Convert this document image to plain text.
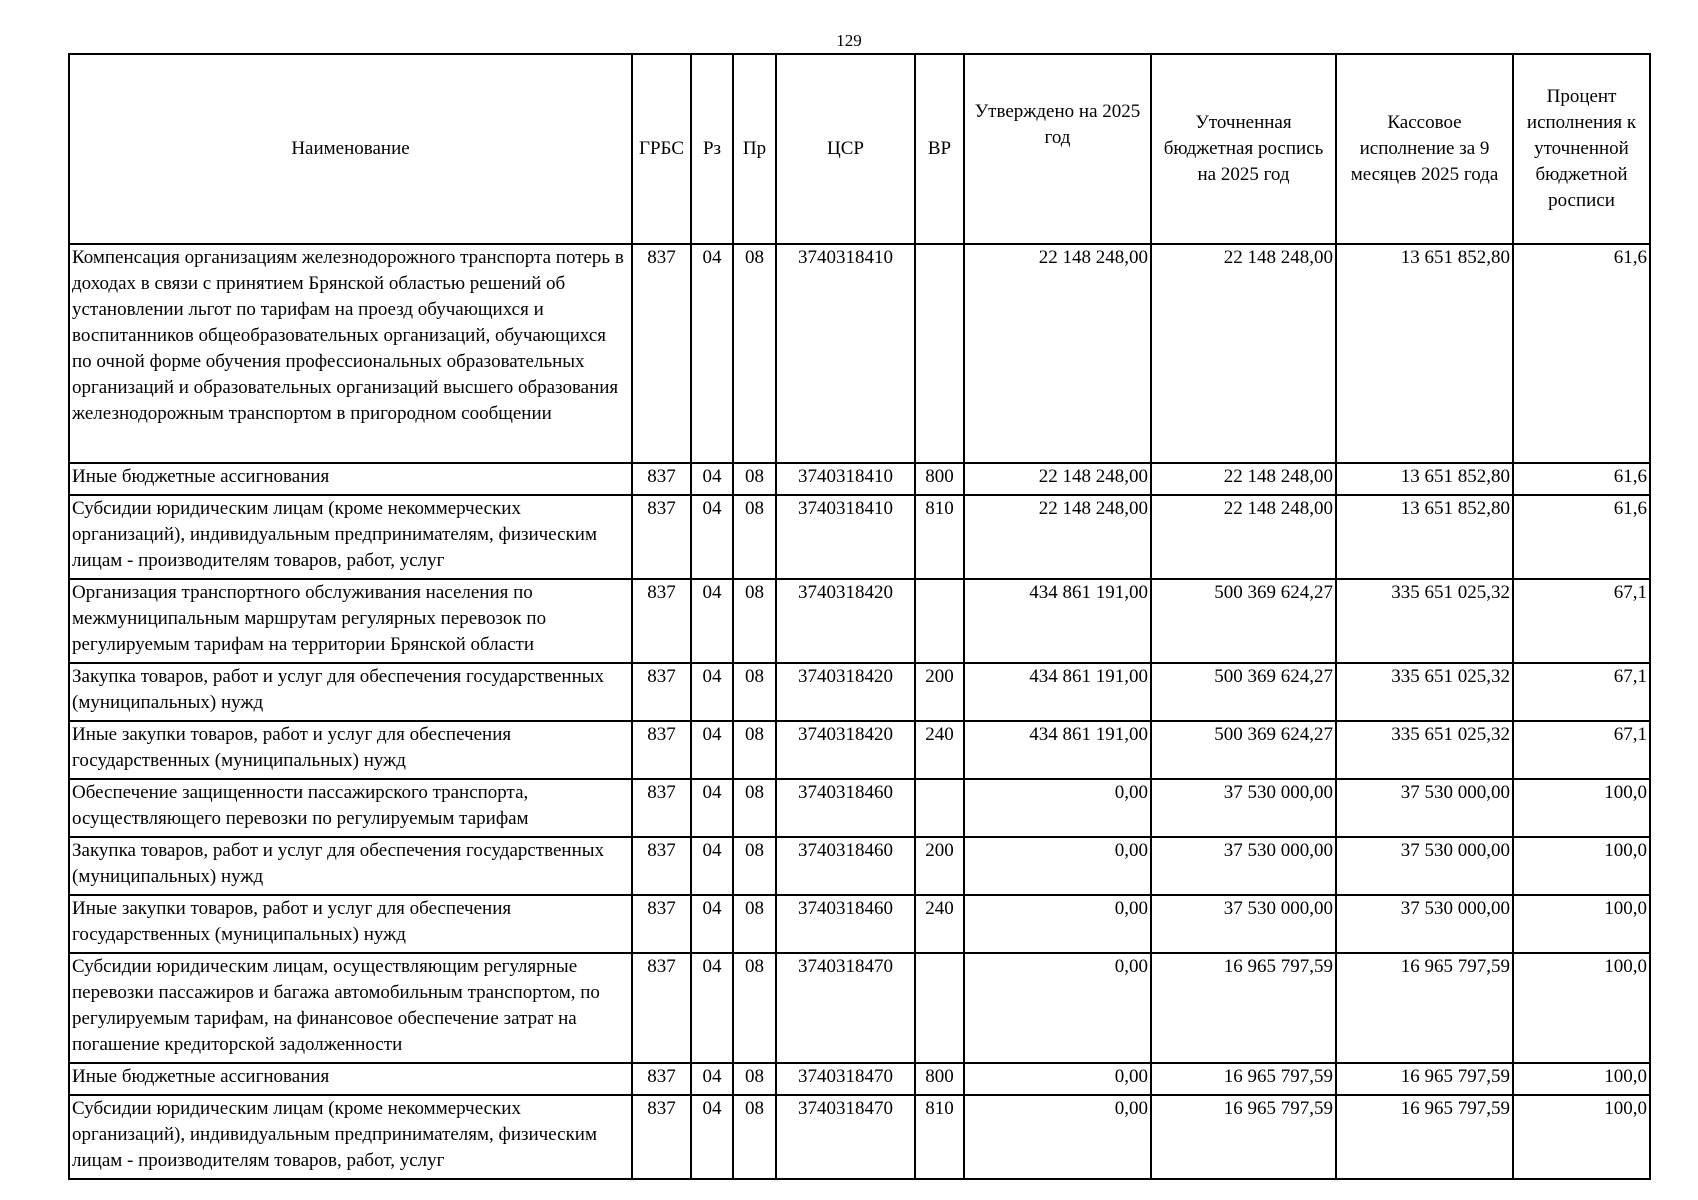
129
Наименование	ГРБС	Рз	Пр	ЦСР	ВР	Утверждено на 2025 год	Уточненная бюджетная роспись на 2025 год	Кассовое исполнение за 9 месяцев 2025 года	Процент исполнения к уточненной бюджетной росписи
Компенсация организациям железнодорожного транспорта потерь в доходах в связи с принятием Брянской областью решений об установлении льгот по тарифам на проезд обучающихся и воспитанников общеобразовательных организаций, обучающихся по очной форме обучения профессиональных образовательных организаций и образовательных организаций высшего образования железнодорожным транспортом в пригородном сообщении	837	04	08	3740318410		22 148 248,00	22 148 248,00	13 651 852,80	61,6
Иные бюджетные ассигнования	837	04	08	3740318410	800	22 148 248,00	22 148 248,00	13 651 852,80	61,6
Субсидии юридическим лицам (кроме некоммерческих организаций), индивидуальным предпринимателям, физическим лицам - производителям товаров, работ, услуг	837	04	08	3740318410	810	22 148 248,00	22 148 248,00	13 651 852,80	61,6
Организация транспортного обслуживания населения по межмуниципальным маршрутам регулярных перевозок по регулируемым тарифам на территории Брянской области	837	04	08	3740318420		434 861 191,00	500 369 624,27	335 651 025,32	67,1
Закупка товаров, работ и услуг для обеспечения государственных (муниципальных) нужд	837	04	08	3740318420	200	434 861 191,00	500 369 624,27	335 651 025,32	67,1
Иные закупки товаров, работ и услуг для обеспечения государственных (муниципальных) нужд	837	04	08	3740318420	240	434 861 191,00	500 369 624,27	335 651 025,32	67,1
Обеспечение защищенности пассажирского транспорта, осуществляющего перевозки по регулируемым тарифам	837	04	08	3740318460		0,00	37 530 000,00	37 530 000,00	100,0
Закупка товаров, работ и услуг для обеспечения государственных (муниципальных) нужд	837	04	08	3740318460	200	0,00	37 530 000,00	37 530 000,00	100,0
Иные закупки товаров, работ и услуг для обеспечения государственных (муниципальных) нужд	837	04	08	3740318460	240	0,00	37 530 000,00	37 530 000,00	100,0
Субсидии юридическим лицам, осуществляющим регулярные перевозки пассажиров и багажа автомобильным транспортом, по регулируемым тарифам, на финансовое обеспечение затрат на погашение кредиторской задолженности	837	04	08	3740318470		0,00	16 965 797,59	16 965 797,59	100,0
Иные бюджетные ассигнования	837	04	08	3740318470	800	0,00	16 965 797,59	16 965 797,59	100,0
Субсидии юридическим лицам (кроме некоммерческих организаций), индивидуальным предпринимателям, физическим лицам - производителям товаров, работ, услуг	837	04	08	3740318470	810	0,00	16 965 797,59	16 965 797,59	100,0
